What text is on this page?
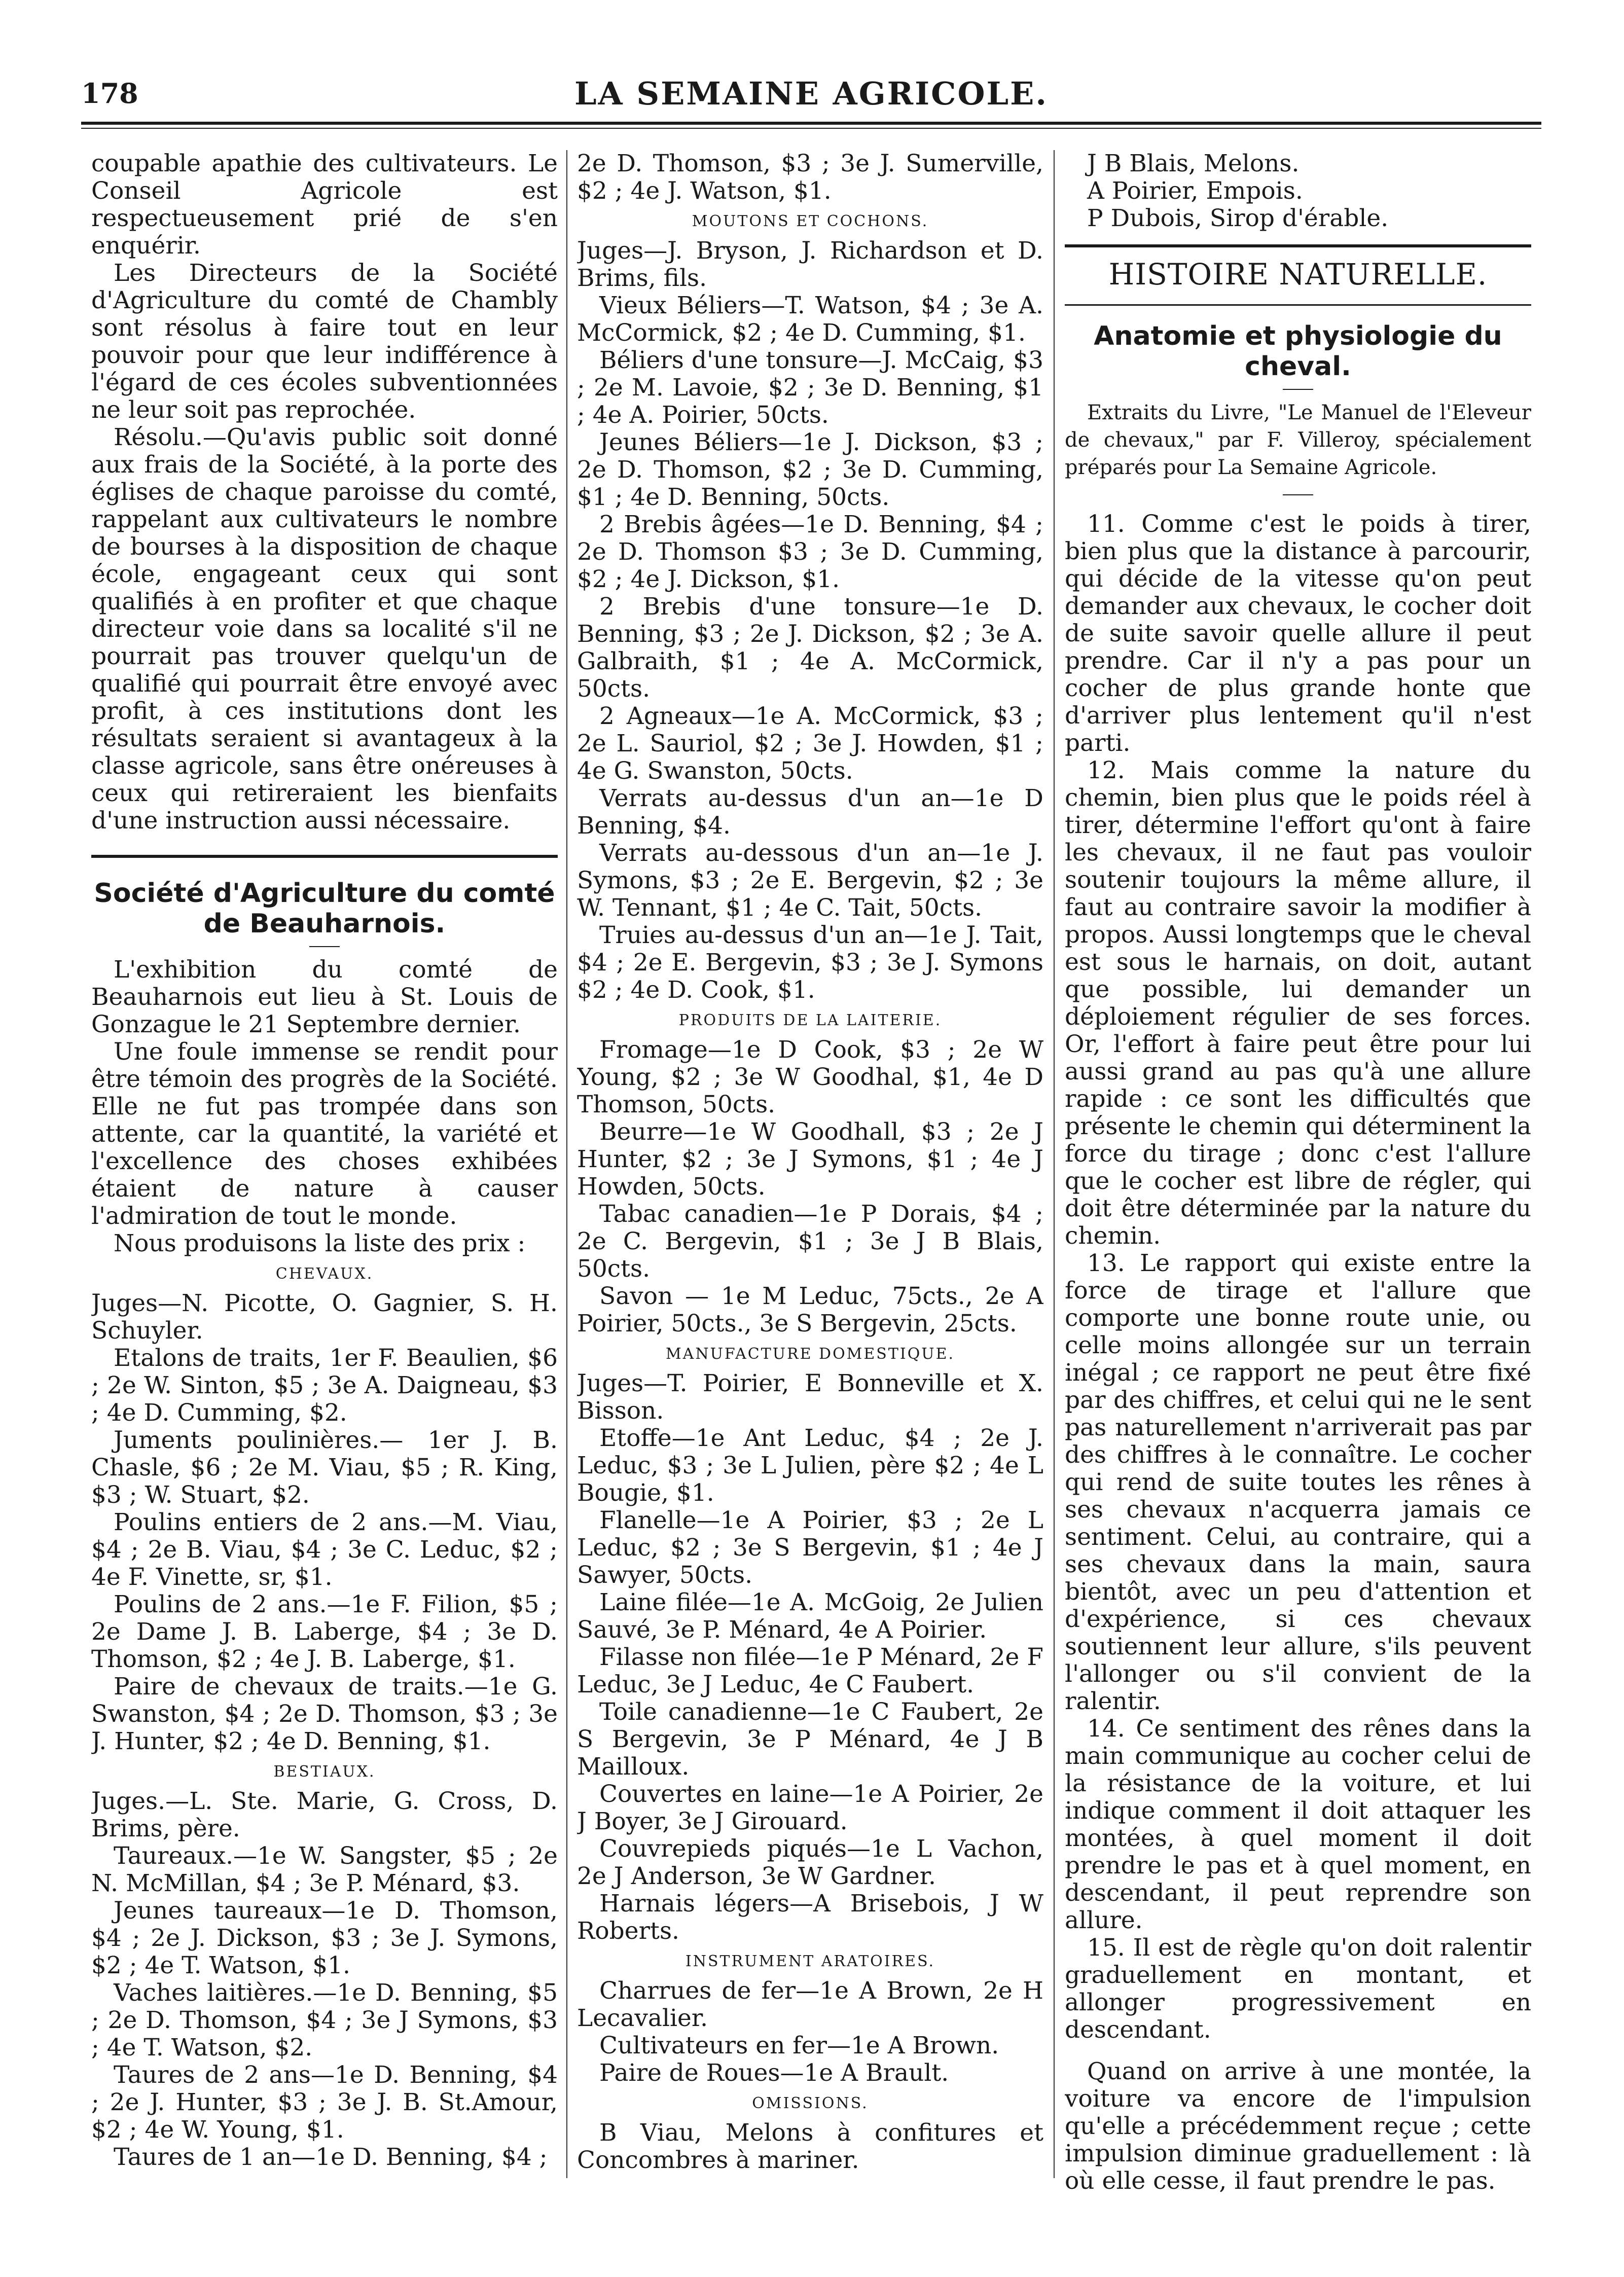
178	LA SEMAINE AGRICOLE.

coupable apathie des cultivateurs. Le Conseil Agricole est respectueusement prié de s'en enquérir.

Les Directeurs de la Société d'Agriculture du comté de Chambly sont résolus à faire tout en leur pouvoir pour que leur indifférence à l'égard de ces écoles subventionnées ne leur soit pas reprochée.

Résolu.—Qu'avis public soit donné aux frais de la Société, à la porte des églises de chaque paroisse du comté, rappelant aux cultivateurs le nombre de bourses à la disposition de chaque école, engageant ceux qui sont qualifiés à en profiter et que chaque directeur voie dans sa localité s'il ne pourrait pas trouver quelqu'un de qualifié qui pourrait être envoyé avec profit, à ces institutions dont les résultats seraient si avantageux à la classe agricole, sans être onéreuses à ceux qui retireraient les bienfaits d'une instruction aussi nécessaire.

Société d'Agriculture du comté de Beauharnois.

L'exhibition du comté de Beauharnois eut lieu à St. Louis de Gonzague le 21 Septembre dernier.

Une foule immense se rendit pour être témoin des progrès de la Société. Elle ne fut pas trompée dans son attente, car la quantité, la variété et l'excellence des choses exhibées étaient de nature à causer l'admiration de tout le monde.

Nous produisons la liste des prix :

CHEVAUX.

Juges—N. Picotte, O. Gagnier, S. H. Schuyler.

Etalons de traits, 1er F. Beaulien, $6 ; 2e W. Sinton, $5 ; 3e A. Daigneau, $3 ; 4e D. Cumming, $2.

Juments poulinières.— 1er J. B. Chasle, $6 ; 2e M. Viau, $5 ; R. King, $3 ; W. Stuart, $2.

Poulins entiers de 2 ans.—M. Viau, $4 ; 2e B. Viau, $4 ; 3e C. Leduc, $2 ; 4e F. Vinette, sr, $1.

Poulins de 2 ans.—1e F. Filion, $5 ; 2e Dame J. B. Laberge, $4 ; 3e D. Thomson, $2 ; 4e J. B. Laberge, $1.

Paire de chevaux de traits.—1e G. Swanston, $4 ; 2e D. Thomson, $3 ; 3e J. Hunter, $2 ; 4e D. Benning, $1.

BESTIAUX.

Juges.—L. Ste. Marie, G. Cross, D. Brims, père.

Taureaux.—1e W. Sangster, $5 ; 2e N. McMillan, $4 ; 3e P. Ménard, $3.

Jeunes taureaux—1e D. Thomson, $4 ; 2e J. Dickson, $3 ; 3e J. Symons, $2 ; 4e T. Watson, $1.

Vaches laitières.—1e D. Benning, $5 ; 2e D. Thomson, $4 ; 3e J Symons, $3 ; 4e T. Watson, $2.

Taures de 2 ans—1e D. Benning, $4 ; 2e J. Hunter, $3 ; 3e J. B. St.Amour, $2 ; 4e W. Young, $1.

Taures de 1 an—1e D. Benning, $4 ;

2e D. Thomson, $3 ; 3e J. Sumerville, $2 ; 4e J. Watson, $1.

MOUTONS ET COCHONS.

Juges—J. Bryson, J. Richardson et D. Brims, fils.

Vieux Béliers—T. Watson, $4 ; 3e A. McCormick, $2 ; 4e D. Cumming, $1.

Béliers d'une tonsure—J. McCaig, $3 ; 2e M. Lavoie, $2 ; 3e D. Benning, $1 ; 4e A. Poirier, 50cts.

Jeunes Béliers—1e J. Dickson, $3 ; 2e D. Thomson, $2 ; 3e D. Cumming, $1 ; 4e D. Benning, 50cts.

2 Brebis âgées—1e D. Benning, $4 ; 2e D. Thomson $3 ; 3e D. Cumming, $2 ; 4e J. Dickson, $1.

2 Brebis d'une tonsure—1e D. Benning, $3 ; 2e J. Dickson, $2 ; 3e A. Galbraith, $1 ; 4e A. McCormick, 50cts.

2 Agneaux—1e A. McCormick, $3 ; 2e L. Sauriol, $2 ; 3e J. Howden, $1 ; 4e G. Swanston, 50cts.

Verrats au-dessus d'un an—1e D Benning, $4.

Verrats au-dessous d'un an—1e J. Symons, $3 ; 2e E. Bergevin, $2 ; 3e W. Tennant, $1 ; 4e C. Tait, 50cts.

Truies au-dessus d'un an—1e J. Tait, $4 ; 2e E. Bergevin, $3 ; 3e J. Symons $2 ; 4e D. Cook, $1.

PRODUITS DE LA LAITERIE.

Fromage—1e D Cook, $3 ; 2e W Young, $2 ; 3e W Goodhal, $1, 4e D Thomson, 50cts.

Beurre—1e W Goodhall, $3 ; 2e J Hunter, $2 ; 3e J Symons, $1 ; 4e J Howden, 50cts.

Tabac canadien—1e P Dorais, $4 ; 2e C. Bergevin, $1 ; 3e J B Blais, 50cts.

Savon — 1e M Leduc, 75cts., 2e A Poirier, 50cts., 3e S Bergevin, 25cts.

MANUFACTURE DOMESTIQUE.

Juges—T. Poirier, E Bonneville et X. Bisson.

Etoffe—1e Ant Leduc, $4 ; 2e J. Leduc, $3 ; 3e L Julien, père $2 ; 4e L Bougie, $1.

Flanelle—1e A Poirier, $3 ; 2e L Leduc, $2 ; 3e S Bergevin, $1 ; 4e J Sawyer, 50cts.

Laine filée—1e A. McGoig, 2e Julien Sauvé, 3e P. Ménard, 4e A Poirier.

Filasse non filée—1e P Ménard, 2e F Leduc, 3e J Leduc, 4e C Faubert.

Toile canadienne—1e C Faubert, 2e S Bergevin, 3e P Ménard, 4e J B Mailloux.

Couvertes en laine—1e A Poirier, 2e J Boyer, 3e J Girouard.

Couvrepieds piqués—1e L Vachon, 2e J Anderson, 3e W Gardner.

Harnais légers—A Brisebois, J W Roberts.

INSTRUMENT ARATOIRES.

Charrues de fer—1e A Brown, 2e H Lecavalier.

Cultivateurs en fer—1e A Brown.

Paire de Roues—1e A Brault.

OMISSIONS.

B Viau, Melons à confitures et Concombres à mariner.

J B Blais, Melons.

A Poirier, Empois.

P Dubois, Sirop d'érable.

HISTOIRE NATURELLE.
Anatomie et physiologie du cheval.

Extraits du Livre, "Le Manuel de l'Eleveur de chevaux," par F. Villeroy, spécialement préparés pour La Semaine Agricole.

11. Comme c'est le poids à tirer, bien plus que la distance à parcourir, qui décide de la vitesse qu'on peut demander aux chevaux, le cocher doit de suite savoir quelle allure il peut prendre. Car il n'y a pas pour un cocher de plus grande honte que d'arriver plus lentement qu'il n'est parti.

12. Mais comme la nature du chemin, bien plus que le poids réel à tirer, détermine l'effort qu'ont à faire les chevaux, il ne faut pas vouloir soutenir toujours la même allure, il faut au contraire savoir la modifier à propos. Aussi longtemps que le cheval est sous le harnais, on doit, autant que possible, lui demander un déploiement régulier de ses forces. Or, l'effort à faire peut être pour lui aussi grand au pas qu'à une allure rapide : ce sont les difficultés que présente le chemin qui déterminent la force du tirage ; donc c'est l'allure que le cocher est libre de régler, qui doit être déterminée par la nature du chemin.

13. Le rapport qui existe entre la force de tirage et l'allure que comporte une bonne route unie, ou celle moins allongée sur un terrain inégal ; ce rapport ne peut être fixé par des chiffres, et celui qui ne le sent pas naturellement n'arriverait pas par des chiffres à le connaître. Le cocher qui rend de suite toutes les rênes à ses chevaux n'acquerra jamais ce sentiment. Celui, au contraire, qui a ses chevaux dans la main, saura bientôt, avec un peu d'attention et d'expérience, si ces chevaux soutiennent leur allure, s'ils peuvent l'allonger ou s'il convient de la ralentir.

14. Ce sentiment des rênes dans la main communique au cocher celui de la résistance de la voiture, et lui indique comment il doit attaquer les montées, à quel moment il doit prendre le pas et à quel moment, en descendant, il peut reprendre son allure.

15. Il est de règle qu'on doit ralentir graduellement en montant, et allonger progressivement en descendant.

Quand on arrive à une montée, la voiture va encore de l'impulsion qu'elle a précédemment reçue ; cette impulsion diminue graduellement : là où elle cesse, il faut prendre le pas.
